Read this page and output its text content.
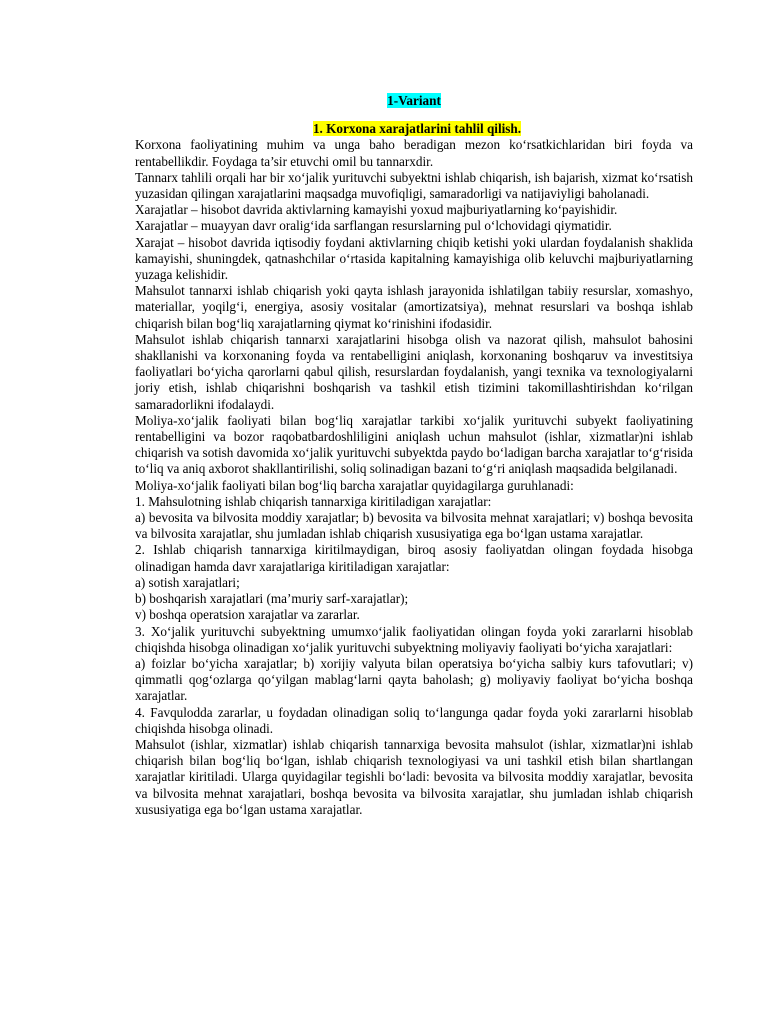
1-Variant

1. Korxona xarajatlarini tahlil qilish.

Korxona faoliyatining muhim va unga baho beradigan mezon ko‘rsatkichlaridan biri foyda va rentabellikdir. Foydaga ta’sir etuvchi omil bu tannarxdir.

Tannarx tahlili orqali har bir xo‘jalik yurituvchi subyektni ishlab chiqarish, ish bajarish, xizmat ko‘rsatish yuzasidan qilingan xarajatlarini maqsadga muvofiqligi, samaradorligi va natijaviyligi baholanadi.

Xarajatlar – hisobot davrida aktivlarning kamayishi yoxud majburiyatlarning ko‘payishidir.

Xarajatlar – muayyan davr oralig‘ida sarflangan resurslarning pul o‘lchovidagi qiymatidir.

Xarajat – hisobot davrida iqtisodiy foydani aktivlarning chiqib ketishi yoki ulardan foydalanish shaklida kamayishi, shuningdek, qatnashchilar o‘rtasida kapitalning kamayishiga olib keluvchi majburiyatlarning yuzaga kelishidir.

Mahsulot tannarxi ishlab chiqarish yoki qayta ishlash jarayonida ishlatilgan tabiiy resurslar, xomashyo, materiallar, yoqilg‘i, energiya, asosiy vositalar (amortizatsiya), mehnat resurslari va boshqa ishlab chiqarish bilan bog‘liq xarajatlarning qiymat ko‘rinishini ifodasidir.

Mahsulot ishlab chiqarish tannarxi xarajatlarini hisobga olish va nazorat qilish, mahsulot bahosini shakllanishi va korxonaning foyda va rentabelligini aniqlash, korxonaning boshqaruv va investitsiya faoliyatlari bo‘yicha qarorlarni qabul qilish, resurslardan foydalanish, yangi texnika va texnologiyalarni joriy etish, ishlab chiqarishni boshqarish va tashkil etish tizimini takomillashtirishdan ko‘rilgan samaradorlikni ifodalaydi.

Moliya-xo‘jalik faoliyati bilan bog‘liq xarajatlar tarkibi xo‘jalik yurituvchi subyekt faoliyatining rentabelligini va bozor raqobatbardoshliligini aniqlash uchun mahsulot (ishlar, xizmatlar)ni ishlab chiqarish va sotish davomida xo‘jalik yurituvchi subyektda paydo bo‘ladigan barcha xarajatlar to‘g‘risida to‘liq va aniq axborot shakllantirilishi, soliq solinadigan bazani to‘g‘ri aniqlash maqsadida belgilanadi.

Moliya-xo‘jalik faoliyati bilan bog‘liq barcha xarajatlar quyidagilarga guruhlanadi:

1. Mahsulotning ishlab chiqarish tannarxiga kiritiladigan xarajatlar:

a) bevosita va bilvosita moddiy xarajatlar; b) bevosita va bilvosita mehnat xarajatlari; v) boshqa bevosita va bilvosita xarajatlar, shu jumladan ishlab chiqarish xususiyatiga ega bo‘lgan ustama xarajatlar.

2. Ishlab chiqarish tannarxiga kiritilmaydigan, biroq asosiy faoliyatdan olingan foydada hisobga olinadigan hamda davr xarajatlariga kiritiladigan xarajatlar:

a) sotish xarajatlari;

b) boshqarish xarajatlari (ma’muriy sarf-xarajatlar);

v) boshqa operatsion xarajatlar va zararlar.

3. Xo‘jalik yurituvchi subyektning umumxo‘jalik faoliyatidan olingan foyda yoki zararlarni hisoblab chiqishda hisobga olinadigan xo‘jalik yurituvchi subyektning moliyaviy faoliyati bo‘yicha xarajatlari:

a) foizlar bo‘yicha xarajatlar; b) xorijiy valyuta bilan operatsiya bo‘yicha salbiy kurs tafovutlari; v) qimmatli qog‘ozlarga qo‘yilgan mablag‘larni qayta baholash; g) moliyaviy faoliyat bo‘yicha boshqa xarajatlar.

4. Favqulodda zararlar, u foydadan olinadigan soliq to‘langunga qadar foyda yoki zararlarni hisoblab chiqishda hisobga olinadi.

Mahsulot (ishlar, xizmatlar) ishlab chiqarish tannarxiga bevosita mahsulot (ishlar, xizmatlar)ni ishlab chiqarish bilan bog‘liq bo‘lgan, ishlab chiqarish texnologiyasi va uni tashkil etish bilan shartlangan xarajatlar kiritiladi. Ularga quyidagilar tegishli bo‘ladi: bevosita va bilvosita moddiy xarajatlar, bevosita va bilvosita mehnat xarajatlari, boshqa bevosita va bilvosita xarajatlar, shu jumladan ishlab chiqarish xususiyatiga ega bo‘lgan ustama xarajatlar.
